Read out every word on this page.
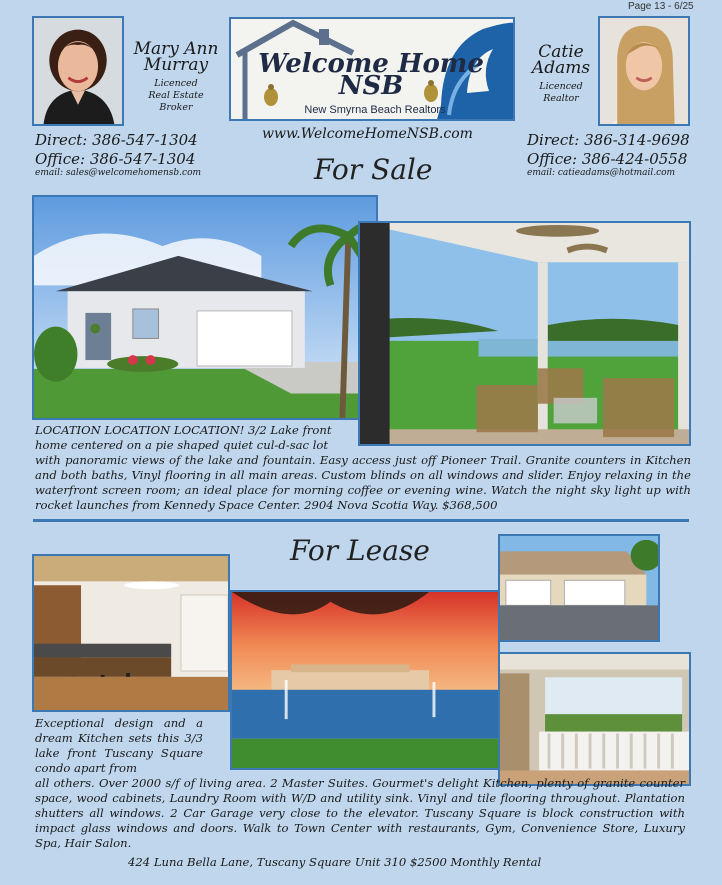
Page 13 - 6/25
Mary Ann
Murray
Licenced
Real Estate
Broker
Welcome Home
NSB
New Smyrna Beach Realtors
Catie
Adams
Licenced
Realtor
Direct: 386-547-1304
Office: 386-547-1304
email: sales@welcomehomensb.com
www.WelcomeHomeNSB.com	Direct: 386-314-9698
Office: 386-424-0558
email: catieadams@hotmail.com
For Sale
LOCATION LOCATION LOCATION! 3/2 Lake front home centered on a pie shaped quiet cul-d-sac lot
with panoramic views of the lake and fountain. Easy access just off Pioneer Trail. Granite counters in Kitchen and both baths, Vinyl flooring in all main areas. Custom blinds on all windows and slider. Enjoy relaxing in the waterfront screen room; an ideal place for morning coffee or evening wine. Watch the night sky light up with rocket launches from Kennedy Space Center. 2904 Nova Scotia Way. $368,500
For Lease
Exceptional design and a dream Kitchen sets this 3/3 lake front Tuscany Square condo apart from
all others. Over 2000 s/f of living area. 2 Master Suites. Gourmet's delight Kitchen, plenty of granite counter space, wood cabinets, Laundry Room with W/D and utility sink. Vinyl and tile flooring throughout. Plantation shutters all windows. 2 Car Garage very close to the elevator. Tuscany Square is block construction with impact glass windows and doors. Walk to Town Center with restaurants, Gym, Convenience Store, Luxury Spa, Hair Salon.
424 Luna Bella Lane, Tuscany Square Unit 310 $2500 Monthly Rental
